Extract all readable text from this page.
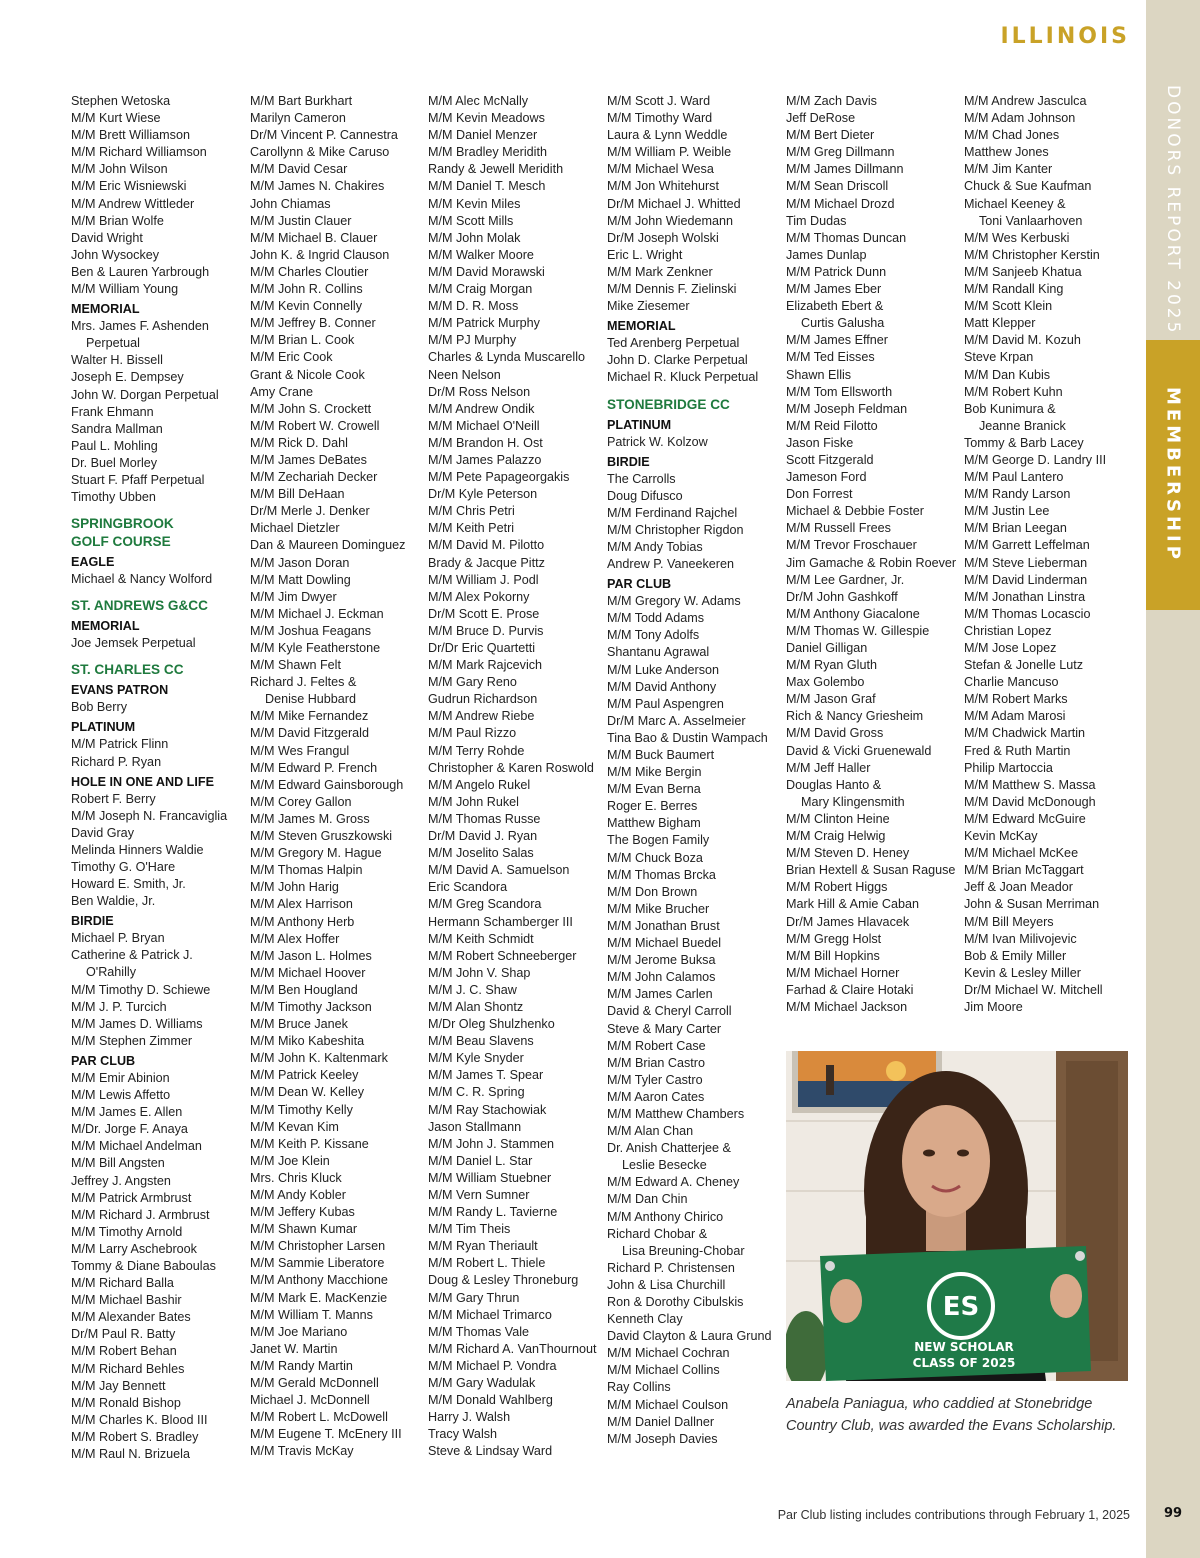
DONORS REPORT 2025
MEMBERSHIP
ILLINOIS
Stephen Wetoska
M/M Kurt Wiese
M/M Brett Williamson
M/M Richard Williamson
M/M John Wilson
M/M Eric Wisniewski
M/M Andrew Wittleder
M/M Brian Wolfe
David Wright
John Wysockey
Ben & Lauren Yarbrough
M/M William Young
MEMORIAL
Mrs. James F. Ashenden
Perpetual
Walter H. Bissell
Joseph E. Dempsey
John W. Dorgan Perpetual
Frank Ehmann
Sandra Mallman
Paul L. Mohling
Dr. Buel Morley
Stuart F. Pfaff Perpetual
Timothy Ubben
SPRINGBROOK
GOLF COURSE
EAGLE
Michael & Nancy Wolford
ST. ANDREWS G&CC
MEMORIAL
Joe Jemsek Perpetual
ST. CHARLES CC
EVANS PATRON
Bob Berry
PLATINUM
M/M Patrick Flinn
Richard P. Ryan
HOLE IN ONE AND LIFE
Robert F. Berry
M/M Joseph N. Francaviglia
David Gray
Melinda Hinners Waldie
Timothy G. O'Hare
Howard E. Smith, Jr.
Ben Waldie, Jr.
BIRDIE
Michael P. Bryan
Catherine & Patrick J.
O'Rahilly
M/M Timothy D. Schiewe
M/M J. P. Turcich
M/M James D. Williams
M/M Stephen Zimmer
PAR CLUB
M/M Emir Abinion
M/M Lewis Affetto
M/M James E. Allen
M/Dr. Jorge F. Anaya
M/M Michael Andelman
M/M Bill Angsten
Jeffrey J. Angsten
M/M Patrick Armbrust
M/M Richard J. Armbrust
M/M Timothy Arnold
M/M Larry Aschebrook
Tommy & Diane Baboulas
M/M Richard Balla
M/M Michael Bashir
M/M Alexander Bates
Dr/M Paul R. Batty
M/M Robert Behan
M/M Richard Behles
M/M Jay Bennett
M/M Ronald Bishop
M/M Charles K. Blood III
M/M Robert S. Bradley
M/M Raul N. Brizuela
M/M Bart Burkhart
Marilyn Cameron
Dr/M Vincent P. Cannestra
Carollynn & Mike Caruso
M/M David Cesar
M/M James N. Chakires
John Chiamas
M/M Justin Clauer
M/M Michael B. Clauer
John K. & Ingrid Clauson
M/M Charles Cloutier
M/M John R. Collins
M/M Kevin Connelly
M/M Jeffrey B. Conner
M/M Brian L. Cook
M/M Eric Cook
Grant & Nicole Cook
Amy Crane
M/M John S. Crockett
M/M Robert W. Crowell
M/M Rick D. Dahl
M/M James DeBates
M/M Zechariah Decker
M/M Bill DeHaan
Dr/M Merle J. Denker
Michael Dietzler
Dan & Maureen Dominguez
M/M Jason Doran
M/M Matt Dowling
M/M Jim Dwyer
M/M Michael J. Eckman
M/M Joshua Feagans
M/M Kyle Featherstone
M/M Shawn Felt
Richard J. Feltes &
Denise Hubbard
M/M Mike Fernandez
M/M David Fitzgerald
M/M Wes Frangul
M/M Edward P. French
M/M Edward Gainsborough
M/M Corey Gallon
M/M James M. Gross
M/M Steven Gruszkowski
M/M Gregory M. Hague
M/M Thomas Halpin
M/M John Harig
M/M Alex Harrison
M/M Anthony Herb
M/M Alex Hoffer
M/M Jason L. Holmes
M/M Michael Hoover
M/M Ben Hougland
M/M Timothy Jackson
M/M Bruce Janek
M/M Miko Kabeshita
M/M John K. Kaltenmark
M/M Patrick Keeley
M/M Dean W. Kelley
M/M Timothy Kelly
M/M Kevan Kim
M/M Keith P. Kissane
M/M Joe Klein
Mrs. Chris Kluck
M/M Andy Kobler
M/M Jeffery Kubas
M/M Shawn Kumar
M/M Christopher Larsen
M/M Sammie Liberatore
M/M Anthony Macchione
M/M Mark E. MacKenzie
M/M William T. Manns
M/M Joe Mariano
Janet W. Martin
M/M Randy Martin
M/M Gerald McDonnell
Michael J. McDonnell
M/M Robert L. McDowell
M/M Eugene T. McEnery III
M/M Travis McKay
M/M Alec McNally
M/M Kevin Meadows
M/M Daniel Menzer
M/M Bradley Meridith
Randy & Jewell Meridith
M/M Daniel T. Mesch
M/M Kevin Miles
M/M Scott Mills
M/M John Molak
M/M Walker Moore
M/M David Morawski
M/M Craig Morgan
M/M D. R. Moss
M/M Patrick Murphy
M/M PJ Murphy
Charles & Lynda Muscarello
Neen Nelson
Dr/M Ross Nelson
M/M Andrew Ondik
M/M Michael O'Neill
M/M Brandon H. Ost
M/M James Palazzo
M/M Pete Papageorgakis
Dr/M Kyle Peterson
M/M Chris Petri
M/M Keith Petri
M/M David M. Pilotto
Brady & Jacque Pittz
M/M William J. Podl
M/M Alex Pokorny
Dr/M Scott E. Prose
M/M Bruce D. Purvis
Dr/Dr Eric Quartetti
M/M Mark Rajcevich
M/M Gary Reno
Gudrun Richardson
M/M Andrew Riebe
M/M Paul Rizzo
M/M Terry Rohde
Christopher & Karen Roswold
M/M Angelo Rukel
M/M John Rukel
M/M Thomas Russe
Dr/M David J. Ryan
M/M Joselito Salas
M/M David A. Samuelson
Eric Scandora
M/M Greg Scandora
Hermann Schamberger III
M/M Keith Schmidt
M/M Robert Schneeberger
M/M John V. Shap
M/M J. C. Shaw
M/M Alan Shontz
M/Dr Oleg Shulzhenko
M/M Beau Slavens
M/M Kyle Snyder
M/M James T. Spear
M/M C. R. Spring
M/M Ray Stachowiak
Jason Stallmann
M/M John J. Stammen
M/M Daniel L. Star
M/M William Stuebner
M/M Vern Sumner
M/M Randy L. Tavierne
M/M Tim Theis
M/M Ryan Theriault
M/M Robert L. Thiele
Doug & Lesley Throneburg
M/M Gary Thrun
M/M Michael Trimarco
M/M Thomas Vale
M/M Richard A. VanThournout
M/M Michael P. Vondra
M/M Gary Wadulak
M/M Donald Wahlberg
Harry J. Walsh
Tracy Walsh
Steve & Lindsay Ward
M/M Scott J. Ward
M/M Timothy Ward
Laura & Lynn Weddle
M/M William P. Weible
M/M Michael Wesa
M/M Jon Whitehurst
Dr/M Michael J. Whitted
M/M John Wiedemann
Dr/M Joseph Wolski
Eric L. Wright
M/M Mark Zenkner
M/M Dennis F. Zielinski
Mike Ziesemer
MEMORIAL
Ted Arenberg Perpetual
John D. Clarke Perpetual
Michael R. Kluck Perpetual
STONEBRIDGE CC
PLATINUM
Patrick W. Kolzow
BIRDIE
The Carrolls
Doug Difusco
M/M Ferdinand Rajchel
M/M Christopher Rigdon
M/M Andy Tobias
Andrew P. Vaneekeren
PAR CLUB
M/M Gregory W. Adams
M/M Todd Adams
M/M Tony Adolfs
Shantanu Agrawal
M/M Luke Anderson
M/M David Anthony
M/M Paul Aspengren
Dr/M Marc A. Asselmeier
Tina Bao & Dustin Wampach
M/M Buck Baumert
M/M Mike Bergin
M/M Evan Berna
Roger E. Berres
Matthew Bigham
The Bogen Family
M/M Chuck Boza
M/M Thomas Brcka
M/M Don Brown
M/M Mike Brucher
M/M Jonathan Brust
M/M Michael Buedel
M/M Jerome Buksa
M/M John Calamos
M/M James Carlen
David & Cheryl Carroll
Steve & Mary Carter
M/M Robert Case
M/M Brian Castro
M/M Tyler Castro
M/M Aaron Cates
M/M Matthew Chambers
M/M Alan Chan
Dr. Anish Chatterjee &
Leslie Besecke
M/M Edward A. Cheney
M/M Dan Chin
M/M Anthony Chirico
Richard Chobar &
Lisa Breuning-Chobar
Richard P. Christensen
John & Lisa Churchill
Ron & Dorothy Cibulskis
Kenneth Clay
David Clayton & Laura Grund
M/M Michael Cochran
M/M Michael Collins
Ray Collins
M/M Michael Coulson
M/M Daniel Dallner
M/M Joseph Davies
M/M Zach Davis
Jeff DeRose
M/M Bert Dieter
M/M Greg Dillmann
M/M James Dillmann
M/M Sean Driscoll
M/M Michael Drozd
Tim Dudas
M/M Thomas Duncan
James Dunlap
M/M Patrick Dunn
M/M James Eber
Elizabeth Ebert &
Curtis Galusha
M/M James Effner
M/M Ted Eisses
Shawn Ellis
M/M Tom Ellsworth
M/M Joseph Feldman
M/M Reid Filotto
Jason Fiske
Scott Fitzgerald
Jameson Ford
Don Forrest
Michael & Debbie Foster
M/M Russell Frees
M/M Trevor Froschauer
Jim Gamache & Robin Roever
M/M Lee Gardner, Jr.
Dr/M John Gashkoff
M/M Anthony Giacalone
M/M Thomas W. Gillespie
Daniel Gilligan
M/M Ryan Gluth
Max Golembo
M/M Jason Graf
Rich & Nancy Griesheim
M/M David Gross
David & Vicki Gruenewald
M/M Jeff Haller
Douglas Hanto &
Mary Klingensmith
M/M Clinton Heine
M/M Craig Helwig
M/M Steven D. Heney
Brian Hextell & Susan Raguse
M/M Robert Higgs
Mark Hill & Amie Caban
Dr/M James Hlavacek
M/M Gregg Holst
M/M Bill Hopkins
M/M Michael Horner
Farhad & Claire Hotaki
M/M Michael Jackson
M/M Andrew Jasculca
M/M Adam Johnson
M/M Chad Jones
Matthew Jones
M/M Jim Kanter
Chuck & Sue Kaufman
Michael Keeney &
Toni Vanlaarhoven
M/M Wes Kerbuski
M/M Christopher Kerstin
M/M Sanjeeb Khatua
M/M Randall King
M/M Scott Klein
Matt Klepper
M/M David M. Kozuh
Steve Krpan
M/M Dan Kubis
M/M Robert Kuhn
Bob Kunimura &
Jeanne Branick
Tommy & Barb Lacey
M/M George D. Landry III
M/M Paul Lantero
M/M Randy Larson
M/M Justin Lee
M/M Brian Leegan
M/M Garrett Leffelman
M/M Steve Lieberman
M/M David Linderman
M/M Jonathan Linstra
M/M Thomas Locascio
Christian Lopez
M/M Jose Lopez
Stefan & Jonelle Lutz
Charlie Mancuso
M/M Robert Marks
M/M Adam Marosi
M/M Chadwick Martin
Fred & Ruth Martin
Philip Martoccia
M/M Matthew S. Massa
M/M David McDonough
M/M Edward McGuire
Kevin McKay
M/M Michael McKee
M/M Brian McTaggart
Jeff & Joan Meador
John & Susan Merriman
M/M Bill Meyers
M/M Ivan Milivojevic
Bob & Emily Miller
Kevin & Lesley Miller
Dr/M Michael W. Mitchell
Jim Moore
ES
NEW SCHOLAR
CLASS OF 2025
Anabela Paniagua, who caddied at Stonebridge Country Club, was awarded the Evans Scholarship.
Par Club listing includes contributions through February 1, 2025	99
